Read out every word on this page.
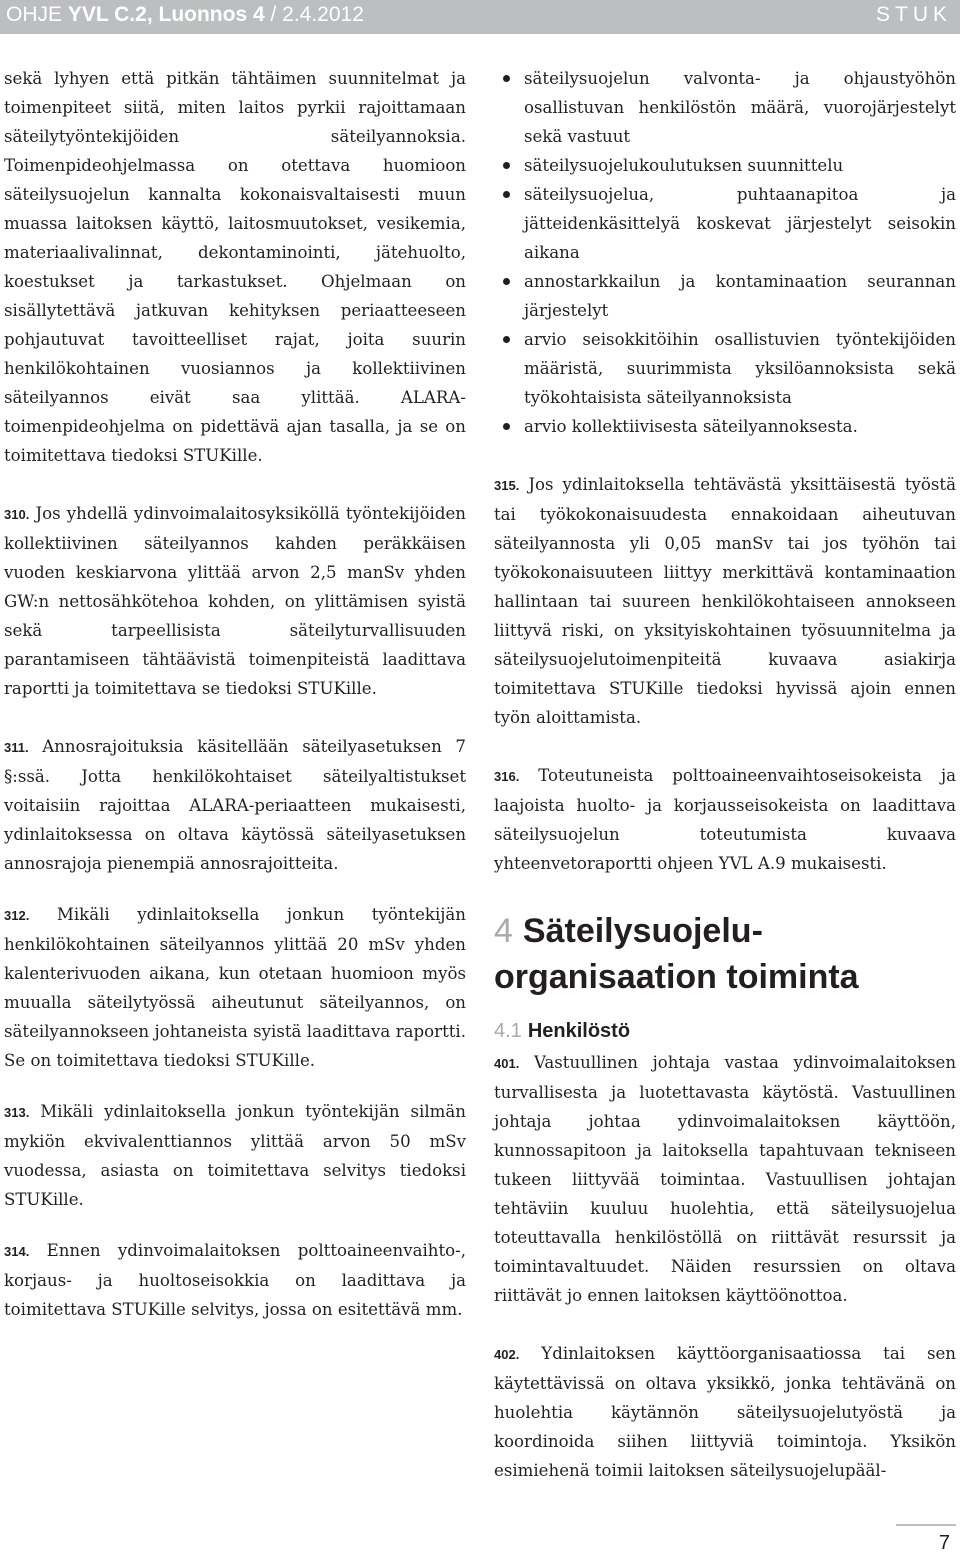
OHJE YVL C.2, Luonnos 4 / 2.4.2012	STUK

sekä lyhyen että pitkän tähtäimen suunnitelmat ja toimenpiteet siitä, miten laitos pyrkii rajoittamaan säteilytyöntekijöiden säteilyannoksia. Toimenpideohjelmassa on otettava huomioon säteilysuojelun kannalta kokonaisvaltaisesti muun muassa laitoksen käyttö, laitosmuutokset, vesikemia, materiaalivalinnat, dekontaminointi, jätehuolto, koestukset ja tarkastukset. Ohjelmaan on sisällytettävä jatkuvan kehityksen periaatteeseen pohjautuvat tavoitteelliset rajat, joita suurin henkilökohtainen vuosiannos ja kollektiivinen säteilyannos eivät saa ylittää. ALARA- toimenpideohjelma on pidettävä ajan tasalla, ja se on toimitettava tiedoksi STUKille.

310. Jos yhdellä ydinvoimalaitosyksiköllä työntekijöiden kollektiivinen säteilyannos kahden peräkkäisen vuoden keskiarvona ylittää arvon 2,5 manSv yhden GW:n nettosähkötehoa kohden, on ylittämisen syistä sekä tarpeellisista säteilyturvallisuuden parantamiseen tähtäävistä toimenpiteistä laadittava raportti ja toimitettava se tiedoksi STUKille.

311. Annosrajoituksia käsitellään säteilyasetuksen 7 §:ssä. Jotta henkilökohtaiset säteilyaltistukset voitaisiin rajoittaa ALARA-periaatteen mukaisesti, ydinlaitoksessa on oltava käytössä säteilyasetuksen annosrajoja pienempiä annosrajoitteita.

312. Mikäli ydinlaitoksella jonkun työntekijän henkilökohtainen säteilyannos ylittää 20 mSv yhden kalenterivuoden aikana, kun otetaan huomioon myös muualla säteilytyössä aiheutunut säteilyannos, on säteilyannokseen johtaneista syistä laadittava raportti. Se on toimitettava tiedoksi STUKille.

313. Mikäli ydinlaitoksella jonkun työntekijän silmän mykiön ekvivalenttiannos ylittää arvon 50 mSv vuodessa, asiasta on toimitettava selvitys tiedoksi STUKille.

314. Ennen ydinvoimalaitoksen polttoaineenvaihto-, korjaus- ja huoltoseisokkia on laadittava ja toimitettava STUKille selvitys, jossa on esitettävä mm.

säteilysuojelun valvonta- ja ohjaustyöhön osallistuvan henkilöstön määrä, vuorojärjestelyt sekä vastuut
säteilysuojelukoulutuksen suunnittelu
säteilysuojelua, puhtaanapitoa ja jätteidenkäsittelyä koskevat järjestelyt seisokin aikana
annostarkkailun ja kontaminaation seurannan järjestelyt
arvio seisokkitöihin osallistuvien työntekijöiden määristä, suurimmista yksilöannoksista sekä työkohtaisista säteilyannoksista
arvio kollektiivisesta säteilyannoksesta.

315. Jos ydinlaitoksella tehtävästä yksittäisestä työstä tai työkokonaisuudesta ennakoidaan aiheutuvan säteilyannosta yli 0,05 manSv tai jos työhön tai työkokonaisuuteen liittyy merkittävä kontaminaation hallintaan tai suureen henkilökohtaiseen annokseen liittyvä riski, on yksityiskohtainen työsuunnitelma ja säteilysuojelutoimenpiteitä kuvaava asiakirja toimitettava STUKille tiedoksi hyvissä ajoin ennen työn aloittamista.

316. Toteutuneista polttoaineenvaihtoseisokeista ja laajoista huolto- ja korjausseisokeista on laadittava säteilysuojelun toteutumista kuvaava yhteenvetoraportti ohjeen YVL A.9 mukaisesti.

4 Säteilysuojeluorganisaation toiminta
4.1 Henkilöstö

401. Vastuullinen johtaja vastaa ydinvoimalaitoksen turvallisesta ja luotettavasta käytöstä. Vastuullinen johtaja johtaa ydinvoimalaitoksen käyttöön, kunnossapitoon ja laitoksella tapahtuvaan tekniseen tukeen liittyvää toimintaa. Vastuullisen johtajan tehtäviin kuuluu huolehtia, että säteilysuojelua toteuttavalla henkilöstöllä on riittävät resurssit ja toimintavaltuudet. Näiden resurssien on oltava riittävät jo ennen laitoksen käyttöönottoa.

402. Ydinlaitoksen käyttöorganisaatiossa tai sen käytettävissä on oltava yksikkö, jonka tehtävänä on huolehtia käytännön säteilysuojelutyöstä ja koordinoida siihen liittyviä toimintoja. Yksikön esimiehenä toimii laitoksen säteilysuojelupääl-

7
